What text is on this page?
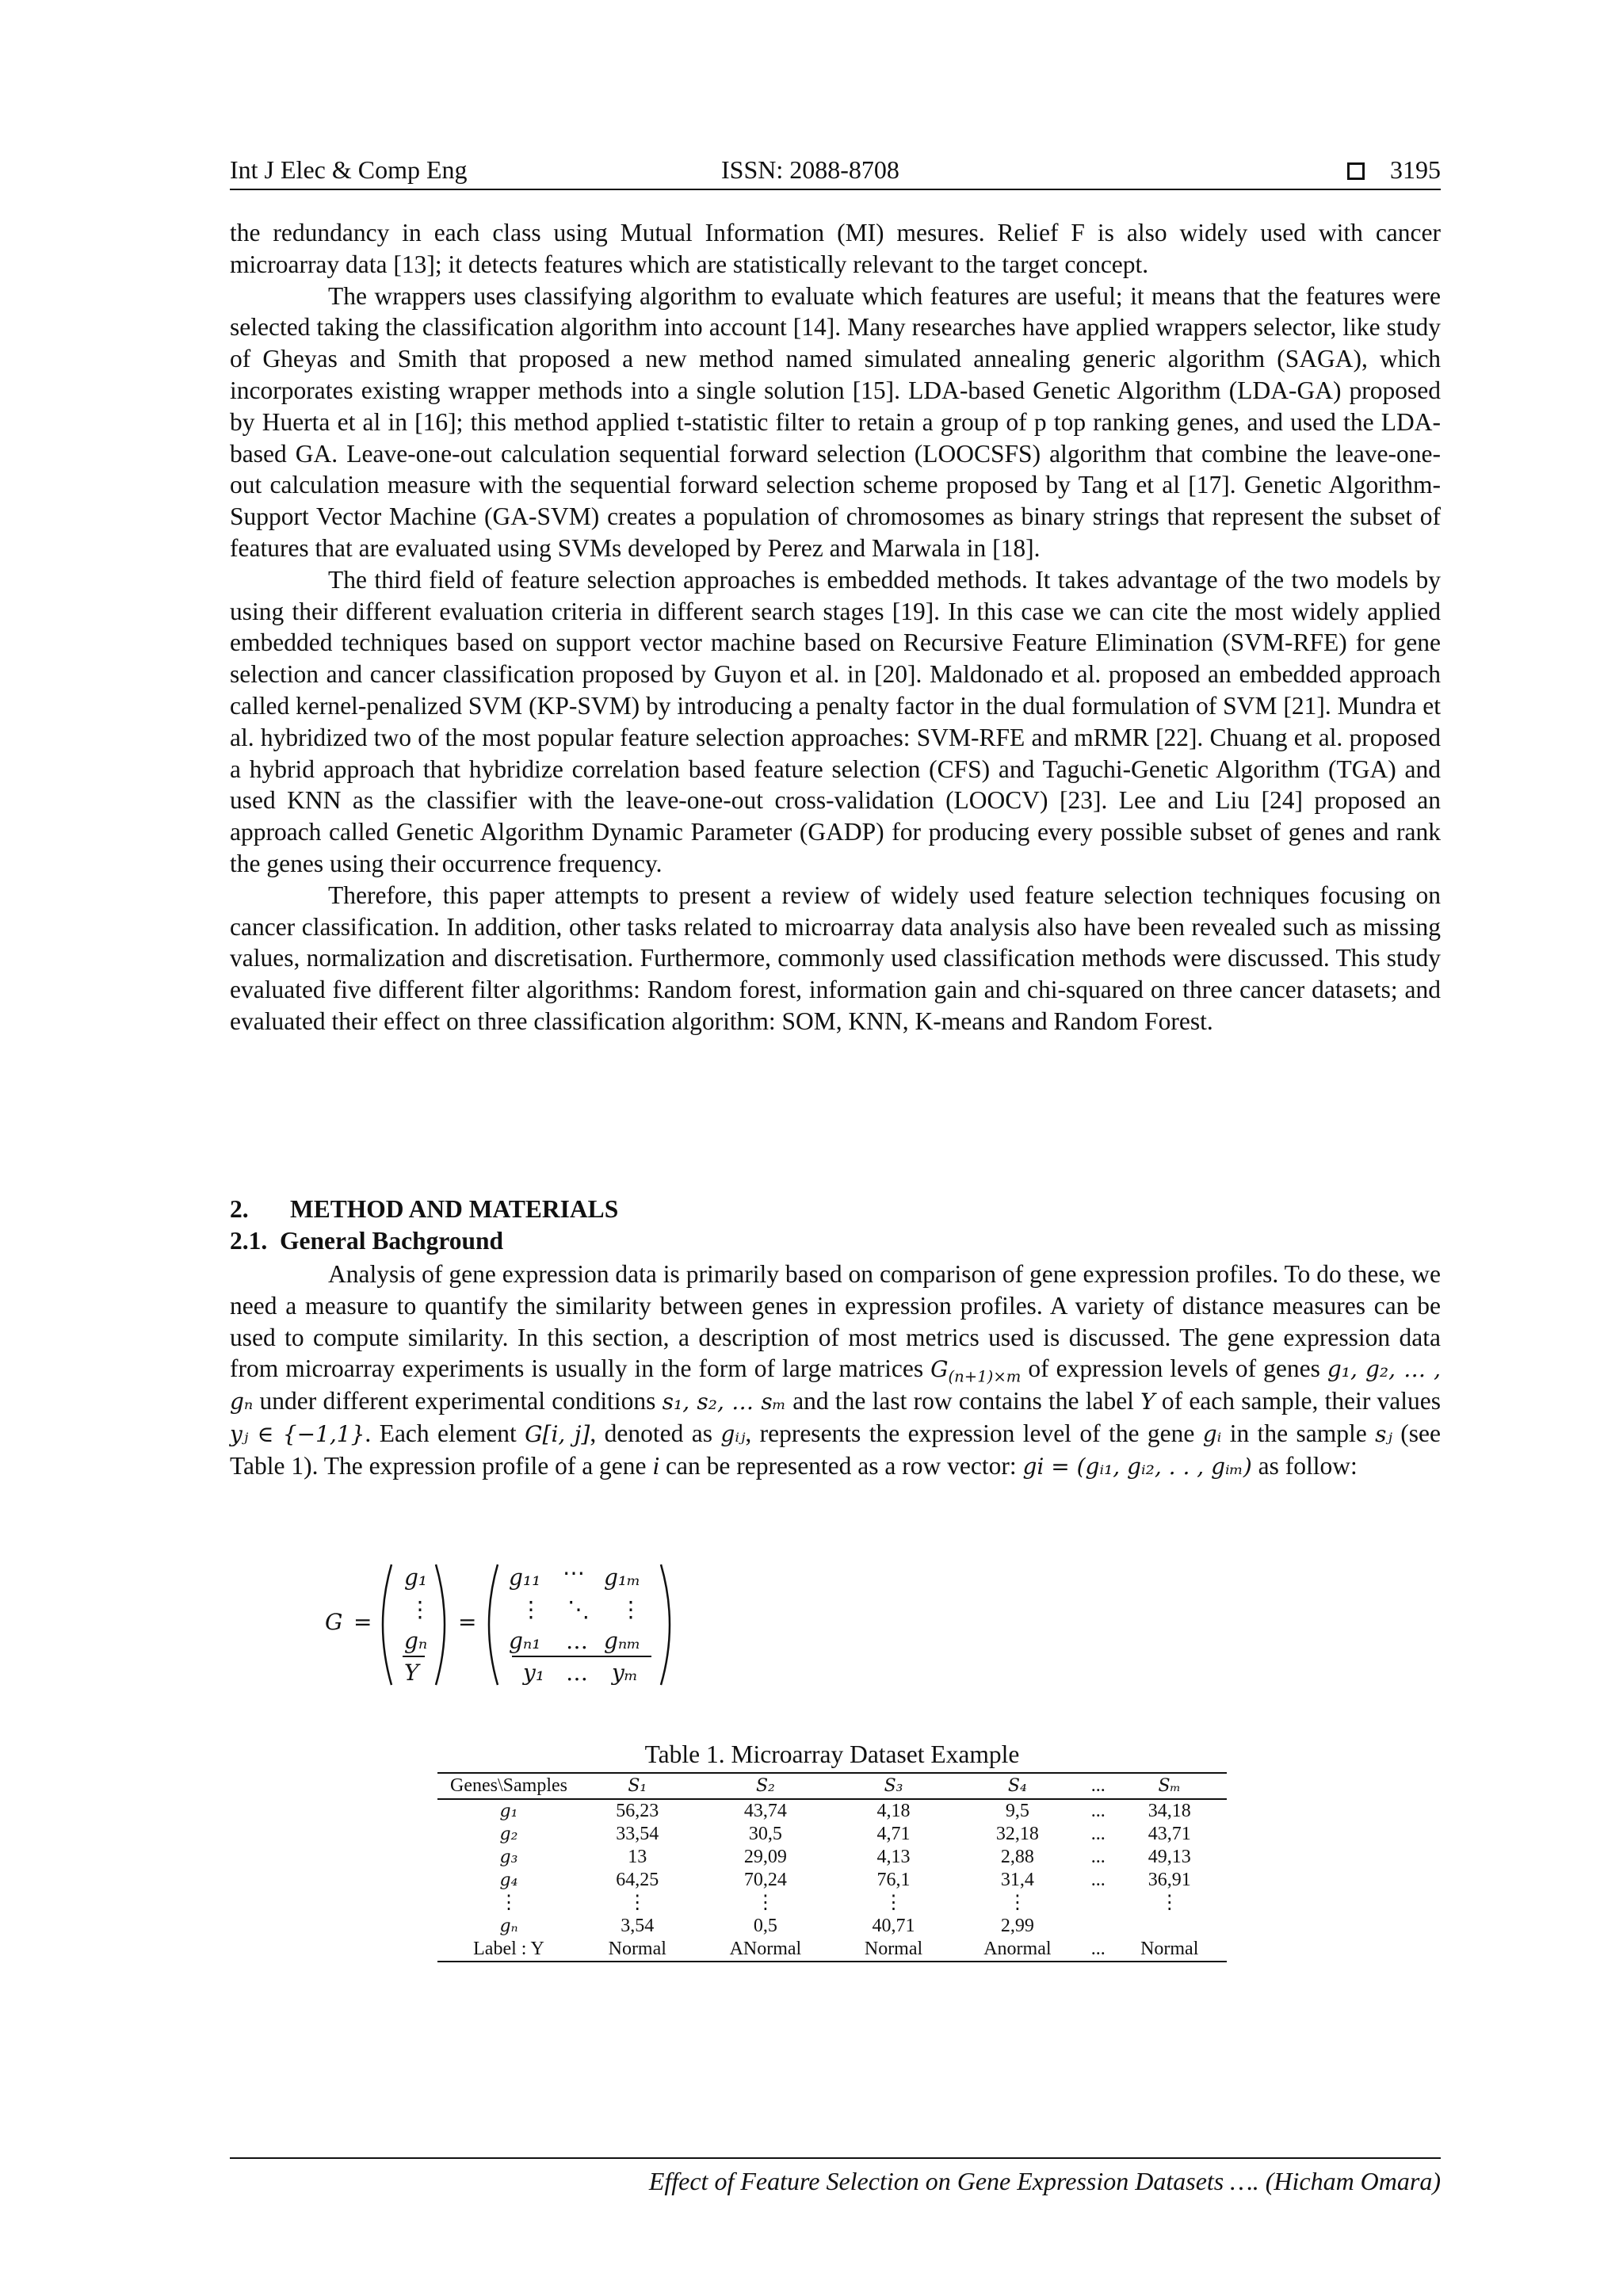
Int J Elec & Comp Eng	ISSN: 2088-8708	3195

the redundancy in each class using Mutual Information (MI) mesures. Relief F is also widely used with cancer microarray data [13]; it detects features which are statistically relevant to the target concept.

The wrappers uses classifying algorithm to evaluate which features are useful; it means that the features were selected taking the classification algorithm into account [14]. Many researches have applied wrappers selector, like study of Gheyas and Smith that proposed a new method named simulated annealing generic algorithm (SAGA), which incorporates existing wrapper methods into a single solution [15]. LDA-based Genetic Algorithm (LDA-GA) proposed by Huerta et al in [16]; this method applied t-statistic filter to retain a group of p top ranking genes, and used the LDA-based GA. Leave-one-out calculation sequential forward selection (LOOCSFS) algorithm that combine the leave-one-out calculation measure with the sequential forward selection scheme proposed by Tang et al [17]. Genetic Algorithm-Support Vector Machine (GA-SVM) creates a population of chromosomes as binary strings that represent the subset of features that are evaluated using SVMs developed by Perez and Marwala in [18].

The third field of feature selection approaches is embedded methods. It takes advantage of the two models by using their different evaluation criteria in different search stages [19]. In this case we can cite the most widely applied embedded techniques based on support vector machine based on Recursive Feature Elimination (SVM-RFE) for gene selection and cancer classification proposed by Guyon et al. in [20]. Maldonado et al. proposed an embedded approach called kernel-penalized SVM (KP-SVM) by introducing a penalty factor in the dual formulation of SVM [21]. Mundra et al. hybridized two of the most popular feature selection approaches: SVM-RFE and mRMR [22]. Chuang et al. proposed a hybrid approach that hybridize correlation based feature selection (CFS) and Taguchi-Genetic Algorithm (TGA) and used KNN as the classifier with the leave-one-out cross-validation (LOOCV) [23]. Lee and Liu [24] proposed an approach called Genetic Algorithm Dynamic Parameter (GADP) for producing every possible subset of genes and rank the genes using their occurrence frequency.

Therefore, this paper attempts to present a review of widely used feature selection techniques focusing on cancer classification. In addition, other tasks related to microarray data analysis also have been revealed such as missing values, normalization and discretisation. Furthermore, commonly used classification methods were discussed. This study evaluated five different filter algorithms: Random forest, information gain and chi-squared on three cancer datasets; and evaluated their effect on three classification algorithm: SOM, KNN, K-means and Random Forest.

2. METHOD AND MATERIALS
2.1. General Bachground

Analysis of gene expression data is primarily based on comparison of gene expression profiles. To do these, we need a measure to quantify the similarity between genes in expression profiles. A variety of distance measures can be used to compute similarity. In this section, a description of most metrics used is discussed. The gene expression data from microarray experiments is usually in the form of large matrices $G_{(n+1)\times m}$ of expression levels of genes g₁, g₂, … , gₙ under different experimental conditions s₁, s₂, … sₘ and the last row contains the label Y of each sample, their values yⱼ ∈ {−1,1}. Each element G[i, j], denoted as gᵢⱼ, represents the expression level of the gene gᵢ in the sample sⱼ (see Table 1). The expression profile of a gene i can be represented as a row vector: gi = (gᵢ₁, gᵢ₂, . . , gᵢₘ) as follow:

G =
g₁
⋮
gₙ
Y
=
g₁₁ ⋯ g₁ₘ
⋮ ⋱ ⋮
gₙ₁ … gₙₘ
y₁ … yₘ
Table 1. Microarray Dataset Example
Genes\Samples	S₁	S₂	S₃	S₄	...	Sₘ
g₁	56,23	43,74	4,18	9,5	...	34,18
g₂	33,54	30,5	4,71	32,18	...	43,71
g₃	13	29,09	4,13	2,88	...	49,13
g₄	64,25	70,24	76,1	31,4	...	36,91
⋮	⋮	⋮	⋮	⋮		⋮
gₙ	3,54	0,5	40,71	2,99		
Label : Y	Normal	ANormal	Normal	Anormal	...	Normal
Effect of Feature Selection on Gene Expression Datasets …. (Hicham Omara)
